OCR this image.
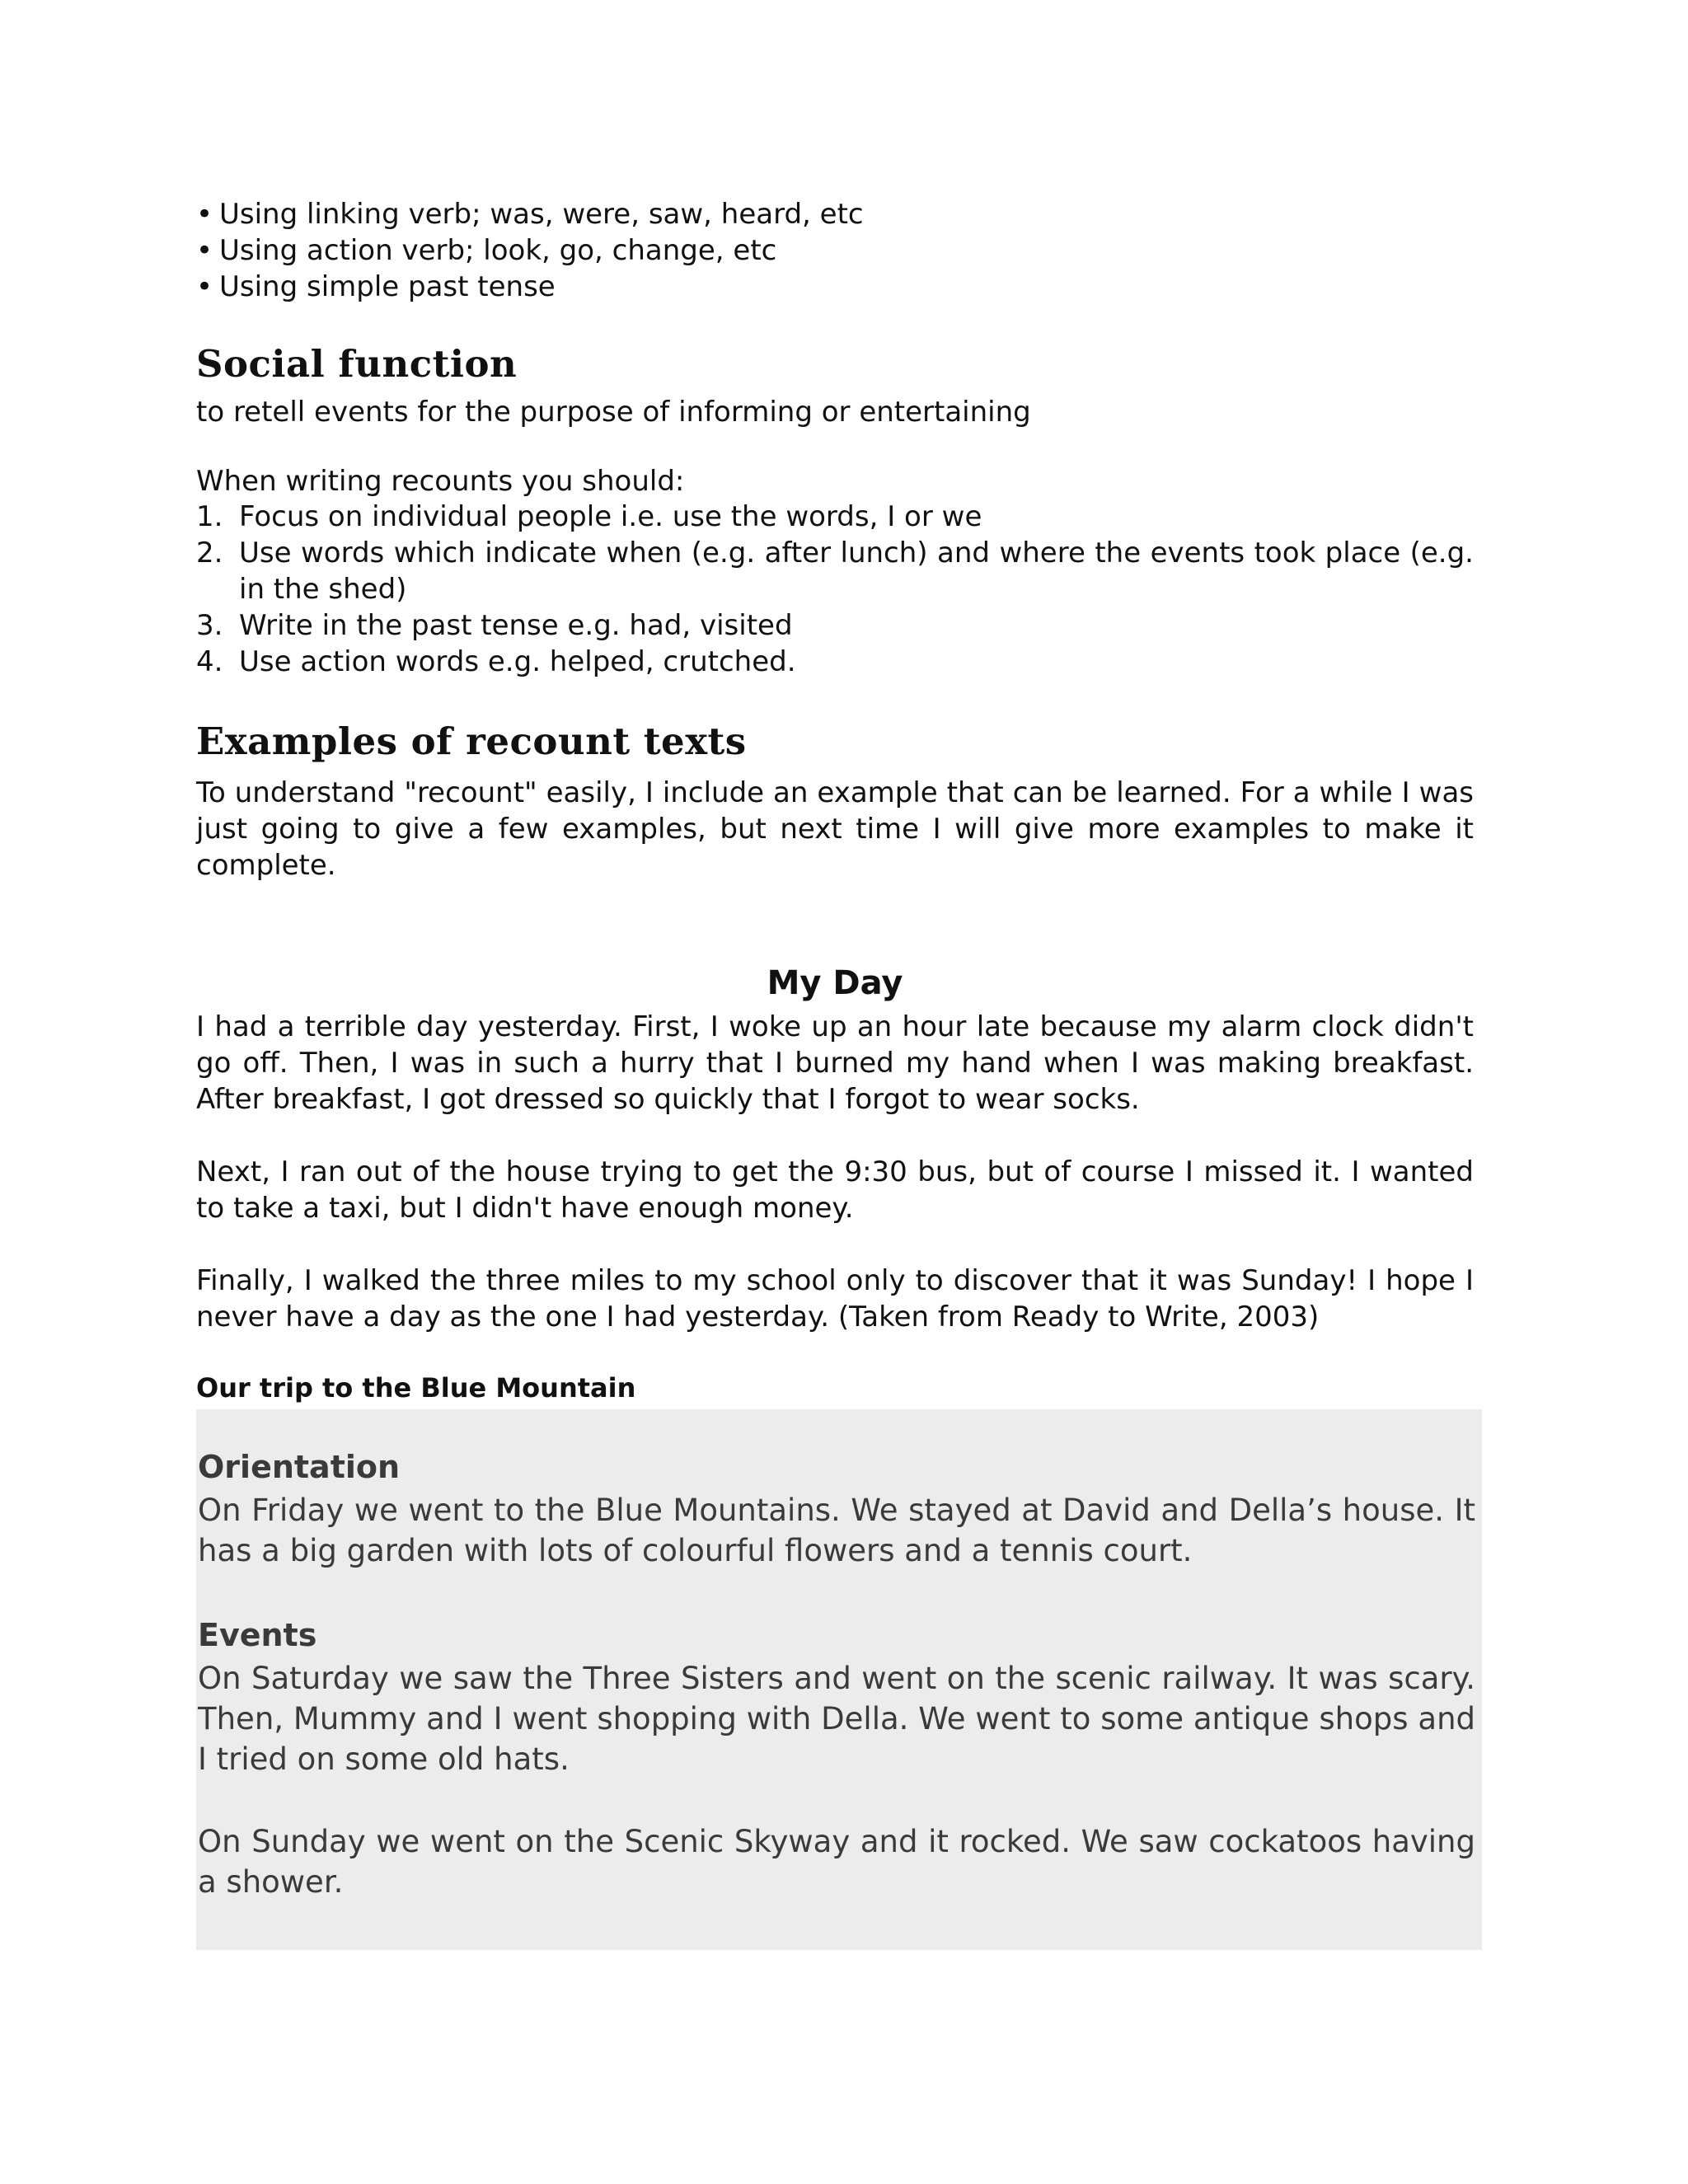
• Using linking verb; was, were, saw, heard, etc
• Using action verb; look, go, change, etc
• Using simple past tense
Social function

to retell events for the purpose of informing or entertaining

When writing recounts you should:

1. Focus on individual people i.e. use the words, I or we
2. Use words which indicate when (e.g. after lunch) and where the events took place (e.g. in the shed)
3. Write in the past tense e.g. had, visited
4. Use action words e.g. helped, crutched.
Examples of recount texts

To understand "recount" easily, I include an example that can be learned. For a while I was just going to give a few examples, but next time I will give more examples to make it complete.

My Day

I had a terrible day yesterday. First, I woke up an hour late because my alarm clock didn't go off. Then, I was in such a hurry that I burned my hand when I was making breakfast. After breakfast, I got dressed so quickly that I forgot to wear socks.

Next, I ran out of the house trying to get the 9:30 bus, but of course I missed it. I wanted to take a taxi, but I didn't have enough money.

Finally, I walked the three miles to my school only to discover that it was Sunday! I hope I never have a day as the one I had yesterday. (Taken from Ready to Write, 2003)

Our trip to the Blue Mountain
Orientation

On Friday we went to the Blue Mountains. We stayed at David and Della’s house. It has a big garden with lots of colourful flowers and a tennis court.

Events

On Saturday we saw the Three Sisters and went on the scenic railway. It was scary. Then, Mummy and I went shopping with Della. We went to some antique shops and I tried on some old hats.

On Sunday we went on the Scenic Skyway and it rocked. We saw cockatoos having a shower.
